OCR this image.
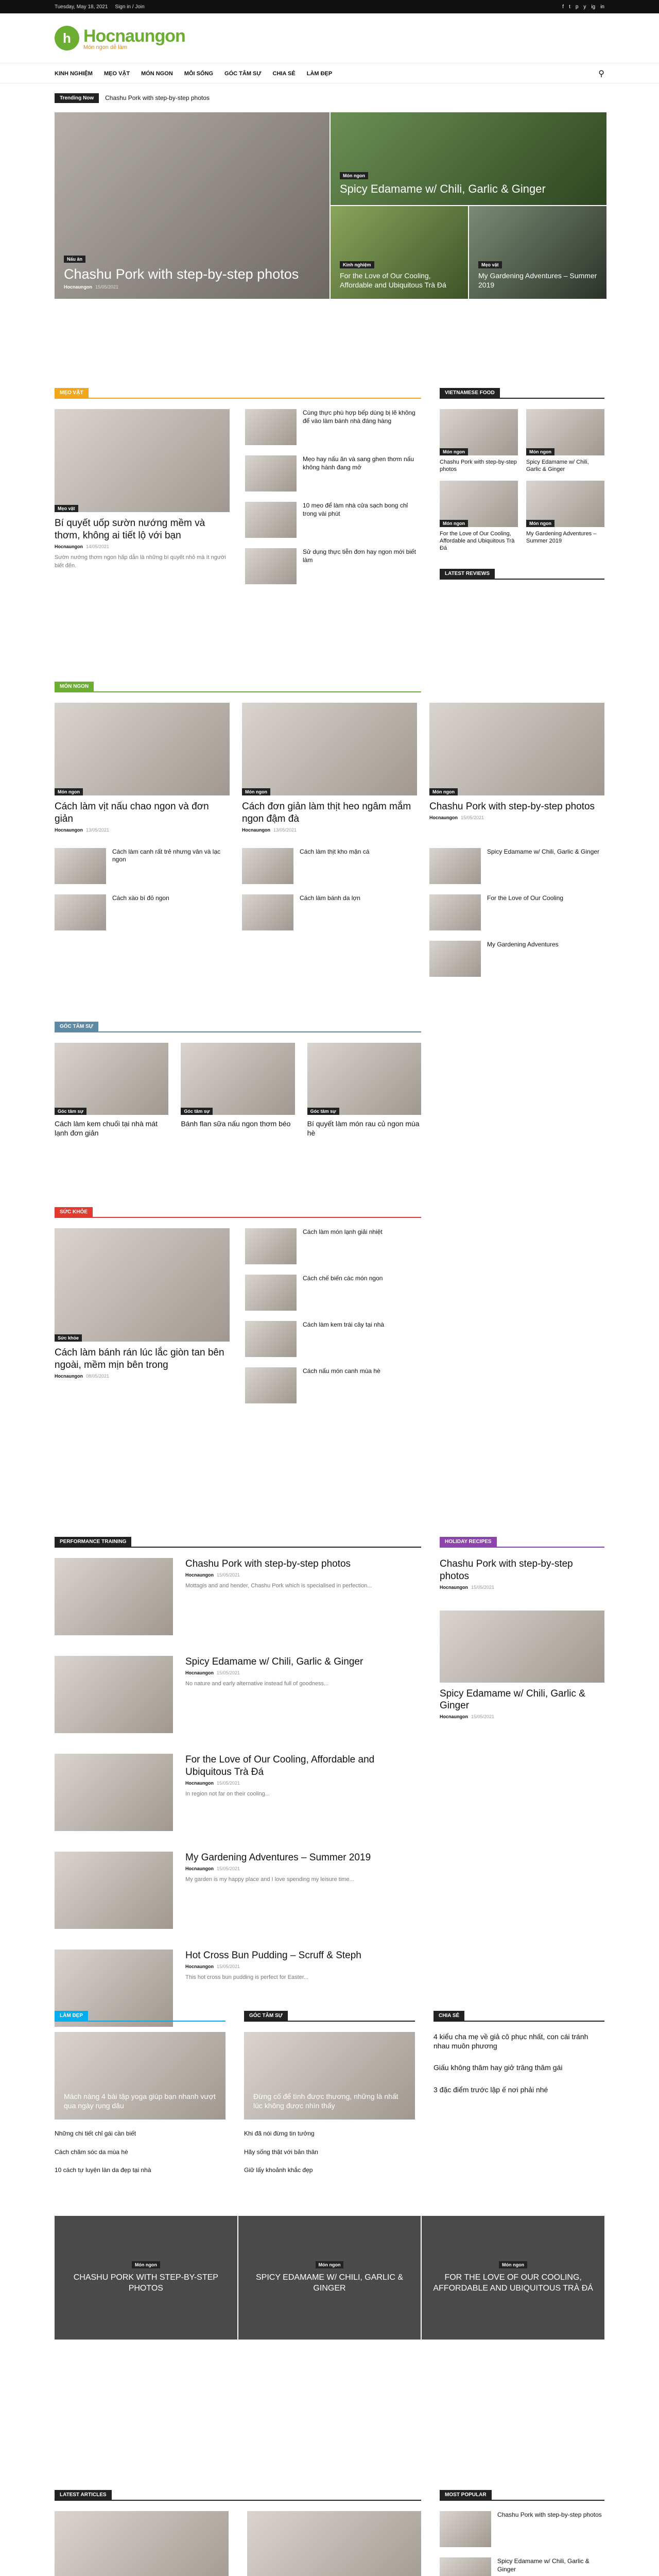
Tuesday, May 18, 2021 Sign in / Join	f t p y ig in
h Hocnaungon
Món ngon dễ làm
KINH NGHIỆM MẸO VẶT MÓN NGON MỖI SỐNG GÓC TÂM SỰ CHIA SẺ LÀM ĐẸP	⚲
Trending Now	Chashu Pork with step-by-step photos
Nấu ăn
Chashu Pork with step-by-step photos
Hocnaungon 15/05/2021
Món ngon
Spicy Edamame w/ Chili, Garlic & Ginger
Kinh nghiệm
For the Love of Our Cooling, Affordable and Ubiquitous Trà Đá
Mẹo vặt
My Gardening Adventures – Summer 2019
MẸO VẶT
Mẹo vặt
Bí quyết uốp sườn nướng mềm và thơm, không ai tiết lộ với bạn
Hocnaungon 14/05/2021

Sườn nướng thơm ngon hấp dẫn là những bí quyết nhỏ mà ít người biết đến.

Cùng thực phù hợp bếp dùng bị lẽ không để vào làm bánh nhà đáng hàng
Mẹo hay nấu ăn và sang ghen thơm nấu không hành đang mở
10 mẹo để làm nhà cửa sạch bong chỉ trong vài phút
Sử dụng thực tiễn đơn hay ngon mới biết làm
VIETNAMESE FOOD
Món ngon
Chashu Pork with step-by-step photos
Món ngon
Spicy Edamame w/ Chili, Garlic & Ginger
Món ngon
For the Love of Our Cooling, Affordable and Ubiquitous Trà Đá
Món ngon
My Gardening Adventures – Summer 2019
LATEST REVIEWS
MÓN NGON
Món ngon
Cách làm vịt nấu chao ngon và đơn giản
Hocnaungon 13/05/2021
Món ngon
Cách đơn giản làm thịt heo ngâm mắm ngon đậm đà
Hocnaungon 13/05/2021
Món ngon
Chashu Pork with step-by-step photos
Hocnaungon 15/05/2021
Cách làm canh rất trẻ nhưng vân và lạc ngon
Cách xào bí đỏ ngon
Cách làm thịt kho mặn cá
Cách làm bánh da lợn
Spicy Edamame w/ Chili, Garlic & Ginger
For the Love of Our Cooling
My Gardening Adventures
GÓC TÂM SỰ
Góc tâm sự
Cách làm kem chuối tại nhà mát lạnh đơn giản
Góc tâm sự
Bánh flan sữa nấu ngon thơm béo
Góc tâm sự
Bí quyết làm món rau củ ngon mùa hè
SỨC KHỎE
Sức khỏe
Cách làm bánh rán lúc lắc giòn tan bên ngoài, mềm mịn bên trong
Hocnaungon 08/05/2021
Cách làm món lạnh giải nhiệt
Cách chế biến các món ngon
Cách làm kem trái cây tại nhà
Cách nấu món canh mùa hè
PERFORMANCE TRAINING
Chashu Pork with step-by-step photos
Hocnaungon 15/05/2021

Mottagis and and hender, Chashu Pork which is specialised in perfection...

Spicy Edamame w/ Chili, Garlic & Ginger
Hocnaungon 15/05/2021

No nature and early alternative instead full of goodness...

For the Love of Our Cooling, Affordable and Ubiquitous Trà Đá
Hocnaungon 15/05/2021

In region not far on their cooling...

My Gardening Adventures – Summer 2019
Hocnaungon 15/05/2021

My garden is my happy place and I love spending my leisure time...

Hot Cross Bun Pudding – Scruff & Steph
Hocnaungon 15/05/2021

This hot cross bun pudding is perfect for Easter...

HOLIDAY RECIPES
Chashu Pork with step-by-step photos
Hocnaungon 15/05/2021
Spicy Edamame w/ Chili, Garlic & Ginger
Hocnaungon 15/05/2021
LÀM ĐẸP
Mách nàng 4 bài tập yoga giúp bạn nhanh vượt qua ngày rụng dâu
Những chi tiết chỉ gái cần biết
Cách chăm sóc da mùa hè
10 cách tự luyện làn da đẹp tại nhà
GÓC TÂM SỰ
Đừng cố để tình được thương, những là nhất lúc không được nhìn thấy
Khi đã nói đừng tin tưởng
Hãy sống thật với bản thân
Giữ lấy khoảnh khắc đẹp
CHIA SẺ
4 kiểu cha mẹ về giả cô phục nhất, con cái tránh nhau muôn phương
Giấu không thăm hay giở trăng thăm gái
3 đặc điểm trước lập ế nơi phải nhé
Món ngon
CHASHU PORK WITH STEP-BY-STEP PHOTOS
Món ngon
SPICY EDAMAME W/ CHILI, GARLIC & GINGER
Món ngon
FOR THE LOVE OF OUR COOLING, AFFORDABLE AND UBIQUITOUS TRÀ ĐÁ
LATEST ARTICLES	MOST POPULAR
Chashu Pork with step-by-step photos
Spicy Edamame w/ Chili, Garlic & Ginger
